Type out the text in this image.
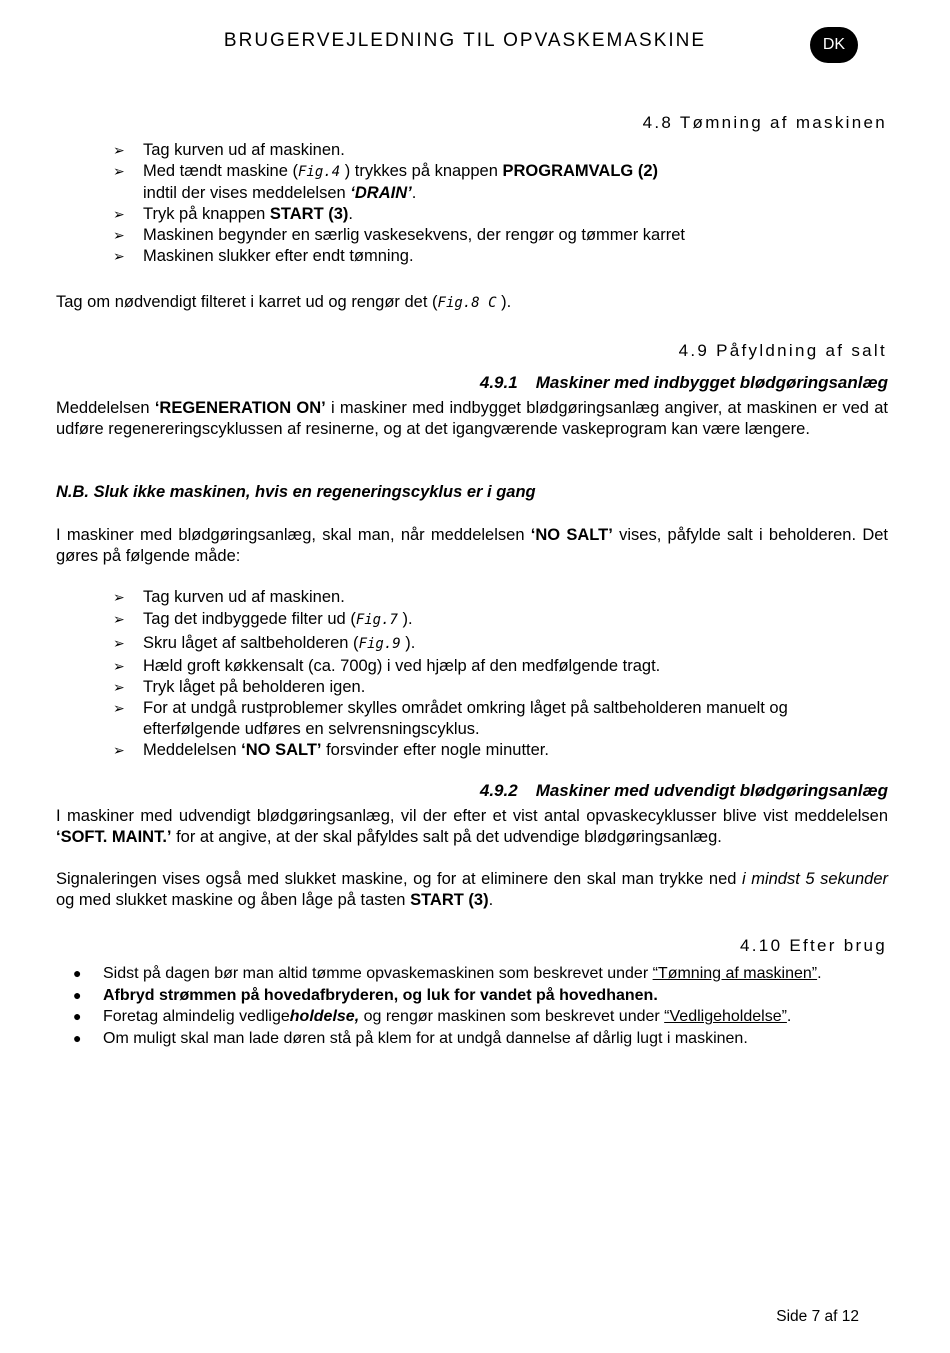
BRUGERVEJLEDNING TIL OPVASKEMASKINE	DK
4.8 Tømning af maskinen
➢ Tag kurven ud af maskinen.
➢ Med tændt maskine (Fig.4 ) trykkes på knappen PROGRAMVALG (2)
indtil der vises meddelelsen ‘DRAIN’.
➢ Tryk på knappen START (3).
➢ Maskinen begynder en særlig vaskesekvens, der rengør og tømmer karret
➢ Maskinen slukker efter endt tømning.
Tag om nødvendigt filteret i karret ud og rengør det (Fig.8 C ).
4.9 Påfyldning af salt
4.9.1 Maskiner med indbygget blødgøringsanlæg
Meddelelsen ‘REGENERATION ON’ i maskiner med indbygget blødgøringsanlæg angiver, at maskinen er ved at udføre regenereringscyklussen af resinerne, og at det igangværende vaskeprogram kan være længere.
N.B. Sluk ikke maskinen, hvis en regeneringscyklus er i gang
I maskiner med blødgøringsanlæg, skal man, når meddelelsen ‘NO SALT’ vises, påfylde salt i beholderen. Det gøres på følgende måde:
➢ Tag kurven ud af maskinen.
➢ Tag det indbyggede filter ud (Fig.7 ).
➢ Skru låget af saltbeholderen (Fig.9 ).
➢ Hæld groft køkkensalt (ca. 700g) i ved hjælp af den medfølgende tragt.
➢ Tryk låget på beholderen igen.
➢ For at undgå rustproblemer skylles området omkring låget på saltbeholderen manuelt og efterfølgende udføres en selvrensningscyklus.
➢ Meddelelsen ‘NO SALT’ forsvinder efter nogle minutter.
4.9.2 Maskiner med udvendigt blødgøringsanlæg
I maskiner med udvendigt blødgøringsanlæg, vil der efter et vist antal opvaskecyklusser blive vist meddelelsen ‘SOFT. MAINT.’ for at angive, at der skal påfyldes salt på det udvendige blødgøringsanlæg.
Signaleringen vises også med slukket maskine, og for at eliminere den skal man trykke ned i mindst 5 sekunder og med slukket maskine og åben låge på tasten START (3).
4.10 Efter brug
● Sidst på dagen bør man altid tømme opvaskemaskinen som beskrevet under “Tømning af maskinen”.
● Afbryd strømmen på hovedafbryderen, og luk for vandet på hovedhanen.
● Foretag almindelig vedligeholdelse, og rengør maskinen som beskrevet under “Vedligeholdelse”.
● Om muligt skal man lade døren stå på klem for at undgå dannelse af dårlig lugt i maskinen.
Side 7 af 12
